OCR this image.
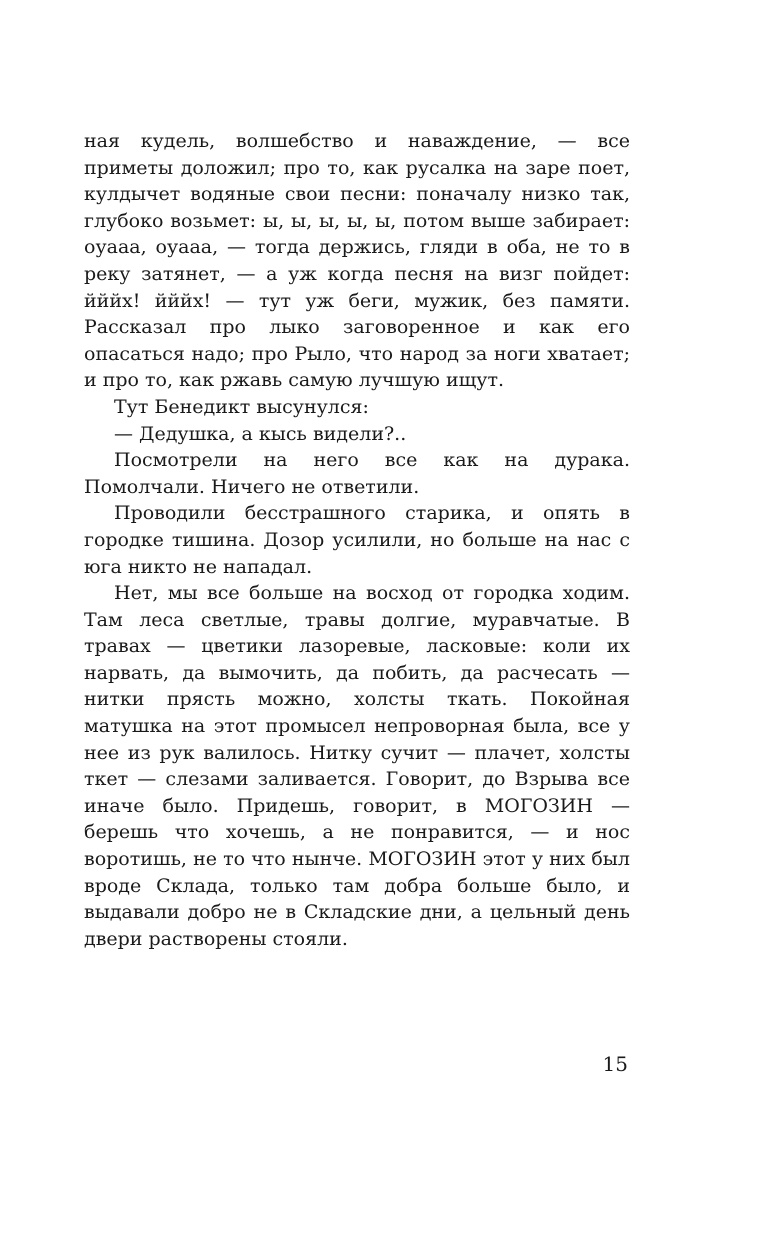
ная кудель, волшебство и наваждение, — все приметы доложил; про то, как русалка на заре поет, кулдычет водяные свои песни: поначалу низко так, глубоко возьмет: ы, ы, ы, ы, ы, потом выше забирает: оуааа, оуааа, — тогда держись, гляди в оба, не то в реку затянет, — а уж когда песня на визг пойдет: йййх! йййх! — тут уж беги, мужик, без памяти. Рассказал про лыко заговоренное и как его опасаться надо; про Рыло, что народ за ноги хватает; и про то, как ржавь самую лучшую ищут.

Тут Бенедикт высунулся:

— Дедушка, а кысь видели?..

Посмотрели на него все как на дурака. Помолчали. Ничего не ответили.

Проводили бесстрашного старика, и опять в городке тишина. Дозор усилили, но больше на нас с юга никто не нападал.

Нет, мы все больше на восход от городка ходим. Там леса светлые, травы долгие, муравчатые. В травах — цветики лазоревые, ласковые: коли их нарвать, да вымочить, да побить, да расчесать — нитки прясть можно, холсты ткать. Покойная матушка на этот промысел непроворная была, все у нее из рук валилось. Нитку сучит — плачет, холсты ткет — слезами заливается. Говорит, до Взрыва все иначе было. Придешь, говорит, в МОГОЗИН — берешь что хочешь, а не понравится, — и нос воротишь, не то что нынче. МОГОЗИН этот у них был вроде Склада, только там добра больше было, и выдавали добро не в Складские дни, а цельный день двери растворены стояли.

15
